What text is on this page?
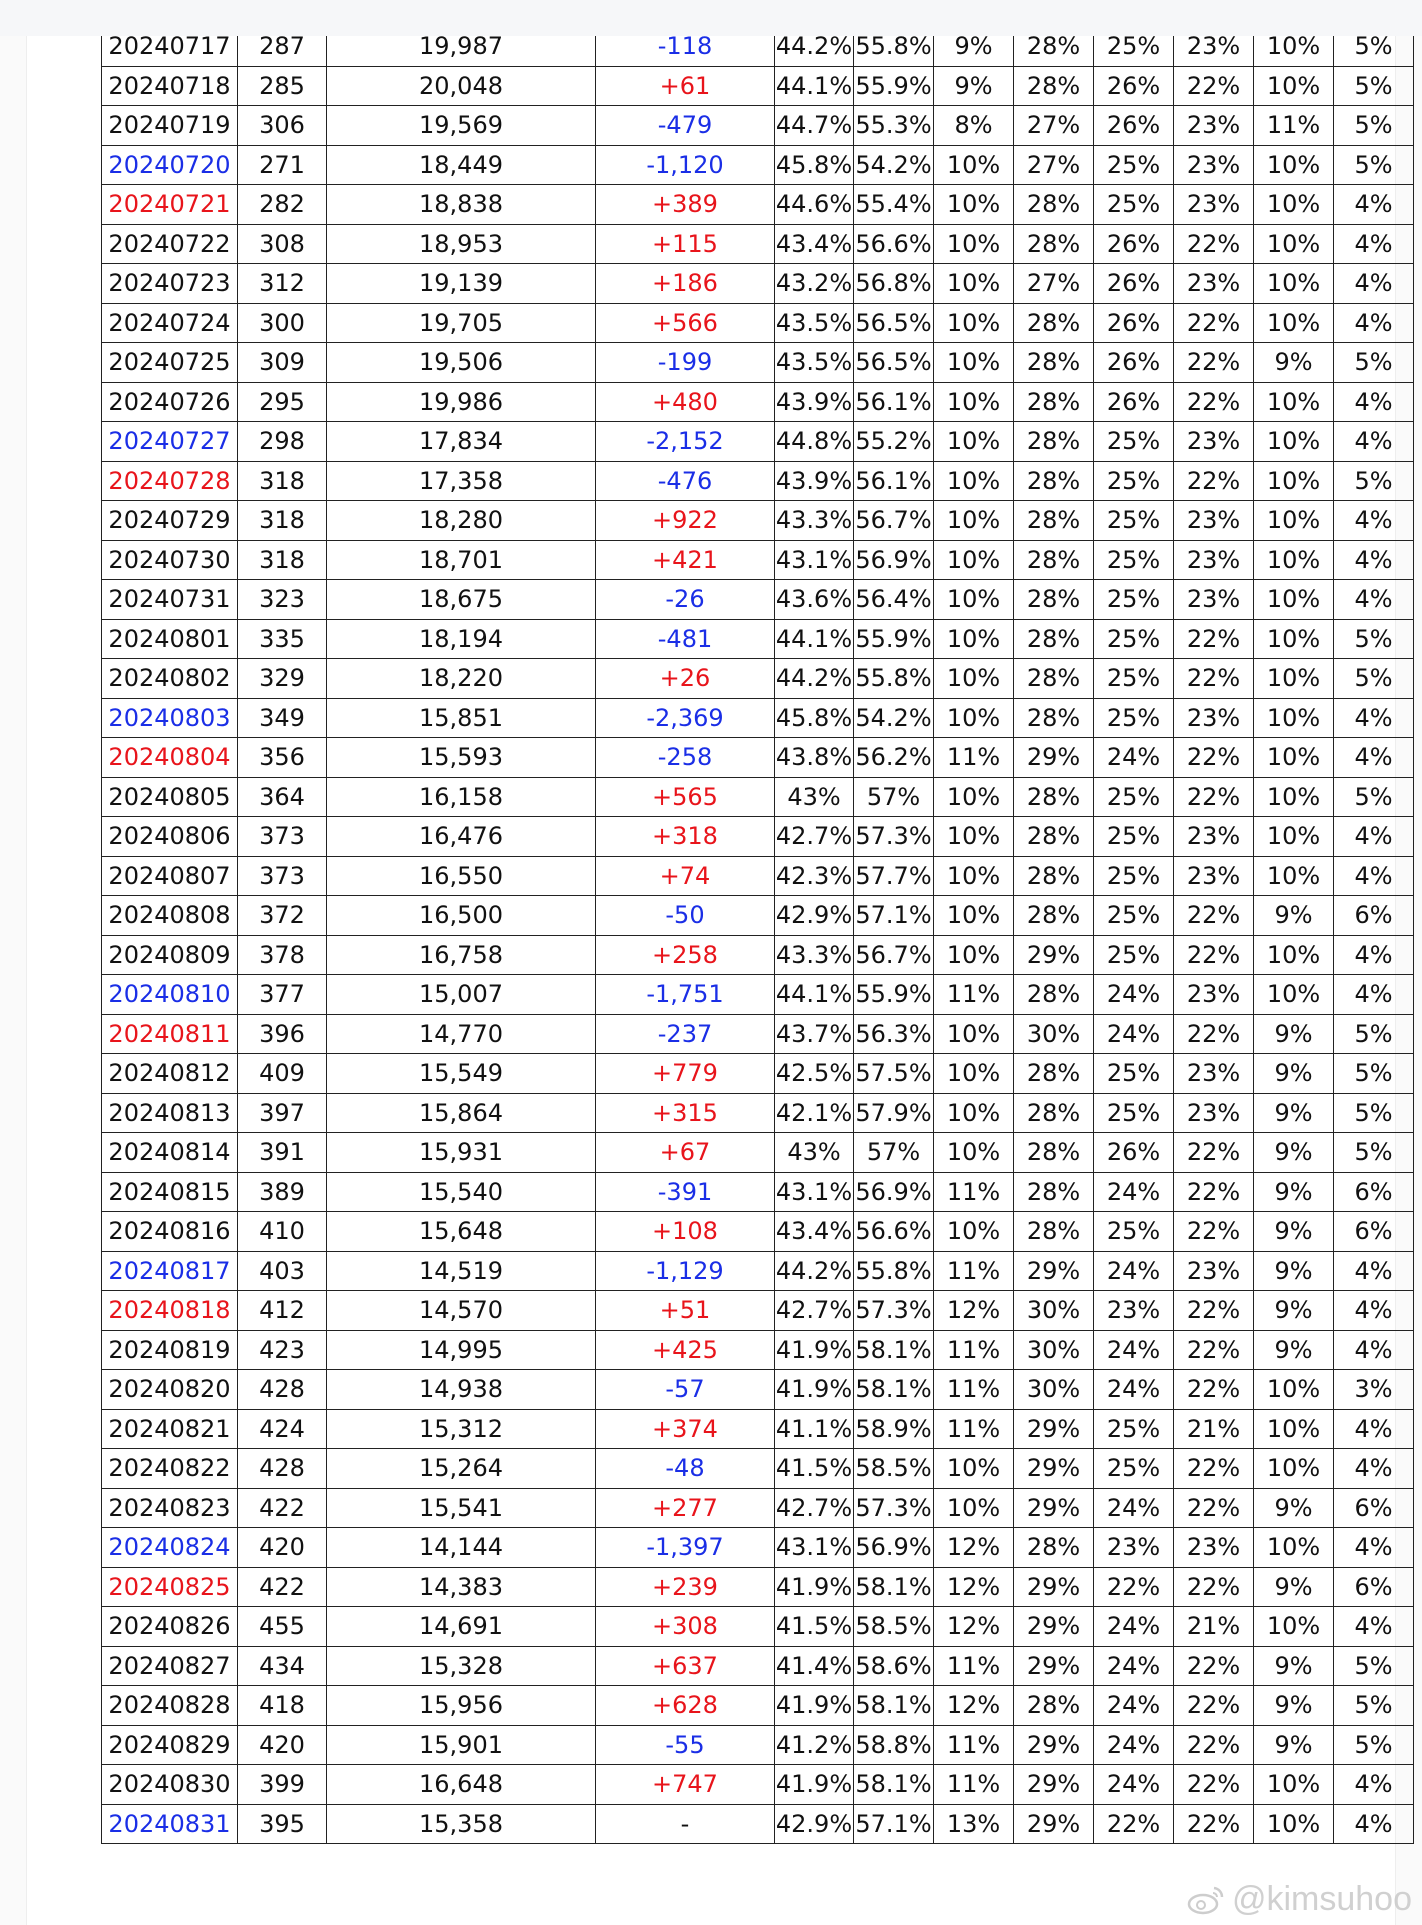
20240717	287	19,987	-118	44.2%	55.8%	9%	28%	25%	23%	10%	5%
20240718	285	20,048	+61	44.1%	55.9%	9%	28%	26%	22%	10%	5%
20240719	306	19,569	-479	44.7%	55.3%	8%	27%	26%	23%	11%	5%
20240720	271	18,449	-1,120	45.8%	54.2%	10%	27%	25%	23%	10%	5%
20240721	282	18,838	+389	44.6%	55.4%	10%	28%	25%	23%	10%	4%
20240722	308	18,953	+115	43.4%	56.6%	10%	28%	26%	22%	10%	4%
20240723	312	19,139	+186	43.2%	56.8%	10%	27%	26%	23%	10%	4%
20240724	300	19,705	+566	43.5%	56.5%	10%	28%	26%	22%	10%	4%
20240725	309	19,506	-199	43.5%	56.5%	10%	28%	26%	22%	9%	5%
20240726	295	19,986	+480	43.9%	56.1%	10%	28%	26%	22%	10%	4%
20240727	298	17,834	-2,152	44.8%	55.2%	10%	28%	25%	23%	10%	4%
20240728	318	17,358	-476	43.9%	56.1%	10%	28%	25%	22%	10%	5%
20240729	318	18,280	+922	43.3%	56.7%	10%	28%	25%	23%	10%	4%
20240730	318	18,701	+421	43.1%	56.9%	10%	28%	25%	23%	10%	4%
20240731	323	18,675	-26	43.6%	56.4%	10%	28%	25%	23%	10%	4%
20240801	335	18,194	-481	44.1%	55.9%	10%	28%	25%	22%	10%	5%
20240802	329	18,220	+26	44.2%	55.8%	10%	28%	25%	22%	10%	5%
20240803	349	15,851	-2,369	45.8%	54.2%	10%	28%	25%	23%	10%	4%
20240804	356	15,593	-258	43.8%	56.2%	11%	29%	24%	22%	10%	4%
20240805	364	16,158	+565	43%	57%	10%	28%	25%	22%	10%	5%
20240806	373	16,476	+318	42.7%	57.3%	10%	28%	25%	23%	10%	4%
20240807	373	16,550	+74	42.3%	57.7%	10%	28%	25%	23%	10%	4%
20240808	372	16,500	-50	42.9%	57.1%	10%	28%	25%	22%	9%	6%
20240809	378	16,758	+258	43.3%	56.7%	10%	29%	25%	22%	10%	4%
20240810	377	15,007	-1,751	44.1%	55.9%	11%	28%	24%	23%	10%	4%
20240811	396	14,770	-237	43.7%	56.3%	10%	30%	24%	22%	9%	5%
20240812	409	15,549	+779	42.5%	57.5%	10%	28%	25%	23%	9%	5%
20240813	397	15,864	+315	42.1%	57.9%	10%	28%	25%	23%	9%	5%
20240814	391	15,931	+67	43%	57%	10%	28%	26%	22%	9%	5%
20240815	389	15,540	-391	43.1%	56.9%	11%	28%	24%	22%	9%	6%
20240816	410	15,648	+108	43.4%	56.6%	10%	28%	25%	22%	9%	6%
20240817	403	14,519	-1,129	44.2%	55.8%	11%	29%	24%	23%	9%	4%
20240818	412	14,570	+51	42.7%	57.3%	12%	30%	23%	22%	9%	4%
20240819	423	14,995	+425	41.9%	58.1%	11%	30%	24%	22%	9%	4%
20240820	428	14,938	-57	41.9%	58.1%	11%	30%	24%	22%	10%	3%
20240821	424	15,312	+374	41.1%	58.9%	11%	29%	25%	21%	10%	4%
20240822	428	15,264	-48	41.5%	58.5%	10%	29%	25%	22%	10%	4%
20240823	422	15,541	+277	42.7%	57.3%	10%	29%	24%	22%	9%	6%
20240824	420	14,144	-1,397	43.1%	56.9%	12%	28%	23%	23%	10%	4%
20240825	422	14,383	+239	41.9%	58.1%	12%	29%	22%	22%	9%	6%
20240826	455	14,691	+308	41.5%	58.5%	12%	29%	24%	21%	10%	4%
20240827	434	15,328	+637	41.4%	58.6%	11%	29%	24%	22%	9%	5%
20240828	418	15,956	+628	41.9%	58.1%	12%	28%	24%	22%	9%	5%
20240829	420	15,901	-55	41.2%	58.8%	11%	29%	24%	22%	9%	5%
20240830	399	16,648	+747	41.9%	58.1%	11%	29%	24%	22%	10%	4%
20240831	395	15,358	-	42.9%	57.1%	13%	29%	22%	22%	10%	4%
@kimsuhoo
